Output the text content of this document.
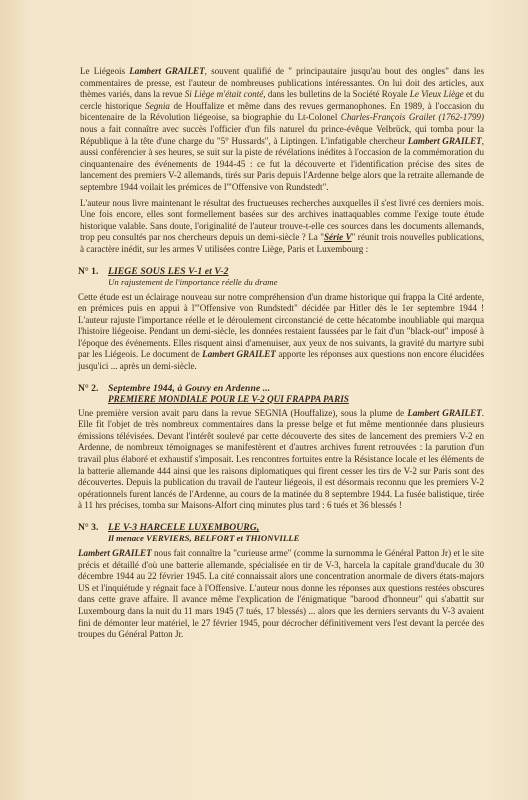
Le Liégeois Lambert GRAILET, souvent qualifié de " principautaire jusqu'au bout des ongles" dans les commentaires de presse, est l'auteur de nombreuses publications intéressantes. On lui doit des articles, aux thèmes variés, dans la revue Si Liège m'était conté, dans les bulletins de la Société Royale Le Vieux Liège et du cercle historique Segnia de Houffalize et même dans des revues germanophones. En 1989, à l'occasion du bicentenaire de la Révolution liégeoise, sa biographie du Lt-Colonel Charles-François Grailet (1762-1799) nous a fait connaître avec succès l'officier d'un fils naturel du prince-évêque Velbrück, qui tomba pour la République à la tête d'une charge du "5° Hussards", à Liptingen. L'infatigable chercheur Lambert GRAILET, aussi conférencier à ses heures, se suit sur la piste de révélations inédites à l'occasion de la commémoration du cinquantenaire des événements de 1944-45 : ce fut la découverte et l'identification précise des sites de lancement des premiers V-2 allemands, tirés sur Paris depuis l'Ardenne belge alors que la retraite allemande de septembre 1944 voilait les prémices de l'"Offensive von Rundstedt".

L'auteur nous livre maintenant le résultat des fructueuses recherches auxquelles il s'est livré ces derniers mois. Une fois encore, elles sont formellement basées sur des archives inattaquables comme l'exige toute étude historique valable. Sans doute, l'originalité de l'auteur trouve-t-elle ces sources dans les documents allemands, trop peu consultés par nos chercheurs depuis un demi-siècle ? La "Série V" réunit trois nouvelles publications, à caractère inédit, sur les armes V utilisées contre Liège, Paris et Luxembourg :

N° 1.	LIEGE SOUS LES V-1 et V-2
Un rajustement de l'importance réelle du drame

Cette étude est un éclairage nouveau sur notre compréhension d'un drame historique qui frappa la Cité ardente, en prémices puis en appui à l'"Offensive von Rundstedt" décidée par Hitler dès le 1er septembre 1944 ! L'auteur rajuste l'importance réelle et le déroulement circonstancié de cette hécatombe inoubliable qui marqua l'histoire liégeoise. Pendant un demi-siècle, les données restaient faussées par le fait d'un "black-out" imposé à l'époque des événements. Elles risquent ainsi d'amenuiser, aux yeux de nos suivants, la gravité du martyre subi par les Liégeois. Le document de Lambert GRAILET apporte les réponses aux questions non encore élucidées jusqu'ici ... après un demi-siècle.

N° 2.	Septembre 1944, à Gouvy en Ardenne ...
PREMIERE MONDIALE POUR LE V-2 QUI FRAPPA PARIS

Une première version avait paru dans la revue SEGNIA (Houffalize), sous la plume de Lambert GRAILET. Elle fit l'objet de très nombreux commentaires dans la presse belge et fut même mentionnée dans plusieurs émissions télévisées. Devant l'intérêt soulevé par cette découverte des sites de lancement des premiers V-2 en Ardenne, de nombreux témoignages se manifestèrent et d'autres archives furent retrouvées : la parution d'un travail plus élaboré et exhaustif s'imposait. Les rencontres fortuites entre la Résistance locale et les éléments de la batterie allemande 444 ainsi que les raisons diplomatiques qui firent cesser les tirs de V-2 sur Paris sont des découvertes. Depuis la publication du travail de l'auteur liégeois, il est désormais reconnu que les premiers V-2 opérationnels furent lancés de l'Ardenne, au cours de la matinée du 8 septembre 1944. La fusée balistique, tirée à 11 hrs précises, tomba sur Maisons-Alfort cinq minutes plus tard : 6 tués et 36 blessés !

N° 3.	LE V-3 HARCELE LUXEMBOURG,
Il menace VERVIERS, BELFORT et THIONVILLE

Lambert GRAILET nous fait connaître la "curieuse arme" (comme la surnomma le Général Patton Jr) et le site précis et détaillé d'où une batterie allemande, spécialisée en tir de V-3, harcela la capitale grand'ducale du 30 décembre 1944 au 22 février 1945. La cité connaissait alors une concentration anormale de divers états-majors US et l'inquiétude y régnait face à l'Offensive. L'auteur nous donne les réponses aux questions restées obscures dans cette grave affaire. Il avance même l'explication de l'énigmatique "barood d'honneur" qui s'abattit sur Luxembourg dans la nuit du 11 mars 1945 (7 tués, 17 blessés) ... alors que les derniers servants du V-3 avaient fini de démonter leur matériel, le 27 février 1945, pour décrocher définitivement vers l'est devant la percée des troupes du Général Patton Jr.
